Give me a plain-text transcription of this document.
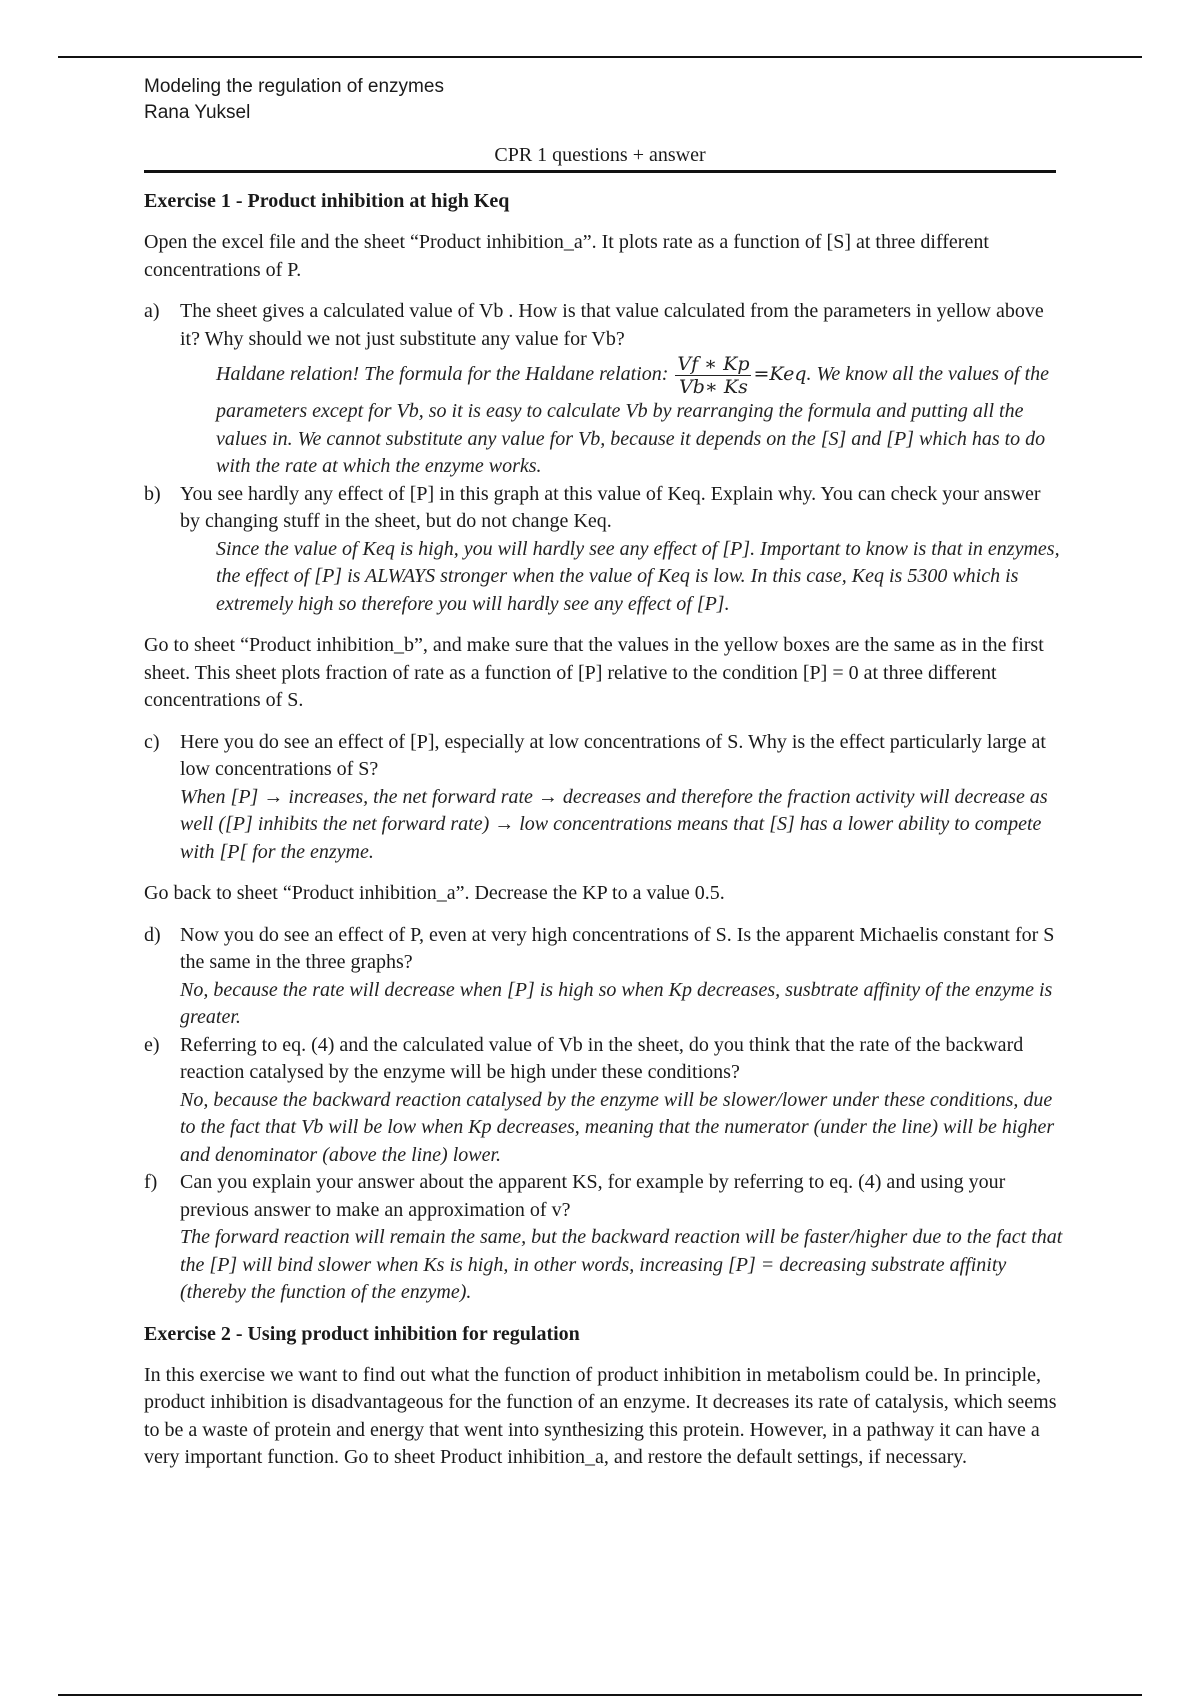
Modeling the regulation of enzymes
Rana Yuksel
CPR 1 questions + answer
Exercise 1 - Product inhibition at high Keq

Open the excel file and the sheet “Product inhibition_a”. It plots rate as a function of [S] at three different concentrations of P.

a) The sheet gives a calculated value of Vb . How is that value calculated from the parameters in yellow above it? Why should we not just substitute any value for Vb?

Haldane relation! The formula for the Haldane relation: $\frac{Vf ∗ Kp}{Vb∗ Ks} =Keq$. We know all the values of the parameters except for Vb, so it is easy to calculate Vb by rearranging the formula and putting all the values in. We cannot substitute any value for Vb, because it depends on the [S] and [P] which has to do with the rate at which the enzyme works.

b) You see hardly any effect of [P] in this graph at this value of Keq. Explain why. You can check your answer by changing stuff in the sheet, but do not change Keq.

Since the value of Keq is high, you will hardly see any effect of [P]. Important to know is that in enzymes, the effect of [P] is ALWAYS stronger when the value of Keq is low. In this case, Keq is 5300 which is extremely high so therefore you will hardly see any effect of [P].

Go to sheet “Product inhibition_b”, and make sure that the values in the yellow boxes are the same as in the first sheet. This sheet plots fraction of rate as a function of [P] relative to the condition [P] = 0 at three different concentrations of S.

c) Here you do see an effect of [P], especially at low concentrations of S. Why is the effect particularly large at low concentrations of S?

When [P] → increases, the net forward rate → decreases and therefore the fraction activity will decrease as well ([P] inhibits the net forward rate) → low concentrations means that [S] has a lower ability to compete with [P[ for the enzyme.

Go back to sheet “Product inhibition_a”. Decrease the KP to a value 0.5.

d) Now you do see an effect of P, even at very high concentrations of S. Is the apparent Michaelis constant for S the same in the three graphs?

No, because the rate will decrease when [P] is high so when Kp decreases, susbtrate affinity of the enzyme is greater.

e) Referring to eq. (4) and the calculated value of Vb in the sheet, do you think that the rate of the backward reaction catalysed by the enzyme will be high under these conditions?

No, because the backward reaction catalysed by the enzyme will be slower/lower under these conditions, due to the fact that Vb will be low when Kp decreases, meaning that the numerator (under the line) will be higher and denominator (above the line) lower.

f) Can you explain your answer about the apparent KS, for example by referring to eq. (4) and using your previous answer to make an approximation of v?

The forward reaction will remain the same, but the backward reaction will be faster/higher due to the fact that the [P] will bind slower when Ks is high, in other words, increasing [P] = decreasing substrate affinity (thereby the function of the enzyme).

Exercise 2 - Using product inhibition for regulation

In this exercise we want to find out what the function of product inhibition in metabolism could be. In principle, product inhibition is disadvantageous for the function of an enzyme. It decreases its rate of catalysis, which seems to be a waste of protein and energy that went into synthesizing this protein. However, in a pathway it can have a very important function. Go to sheet Product inhibition_a, and restore the default settings, if necessary.
